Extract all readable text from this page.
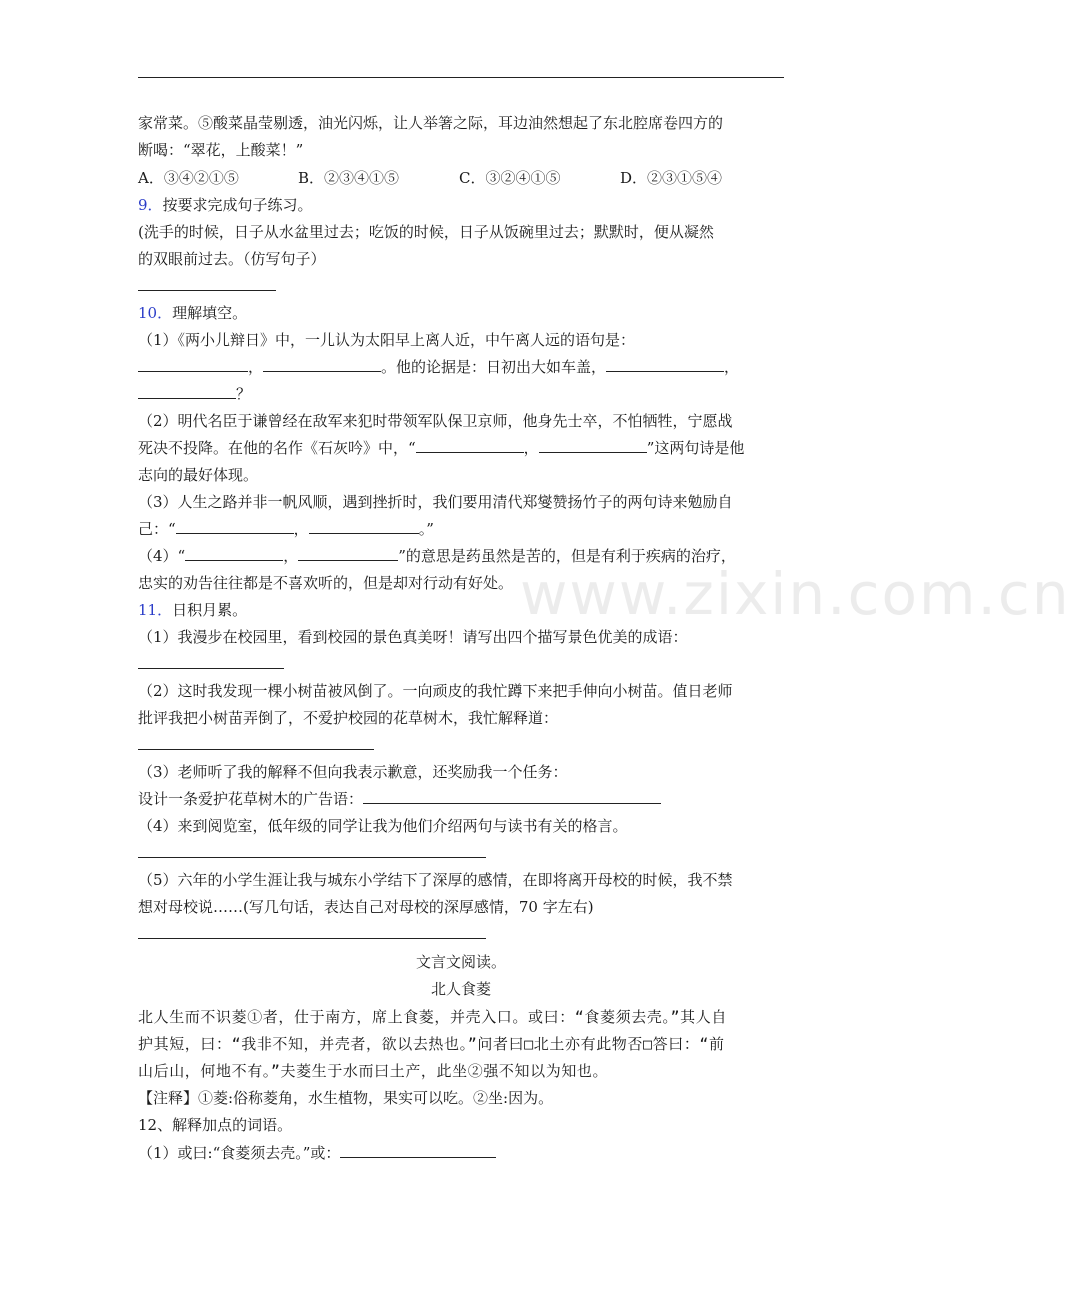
家常菜。⑤酸菜晶莹剔透，油光闪烁，让人举箸之际，耳边油然想起了东北腔席卷四方的
断喝：“翠花，上酸菜！”
A．③④②①⑤	B．②③④①⑤	C．③②④①⑤	D．②③①⑤④
9．按要求完成句子练习。
(洗手的时候，日子从水盆里过去；吃饭的时候，日子从饭碗里过去；默默时，便从凝然
的双眼前过去。（仿写句子）
10．理解填空。
（1）《两小儿辩日》中，一儿认为太阳早上离人近，中午离人远的语句是：
，	。他的论据是：日初出大如车盖，	，
？
（2）明代名臣于谦曾经在敌军来犯时带领军队保卫京师，他身先士卒，不怕牺牲，宁愿战
死决不投降。在他的名作《石灰吟》中，“	，	”这两句诗是他
志向的最好体现。
（3）人生之路并非一帆风顺，遇到挫折时，我们要用清代郑燮赞扬竹子的两句诗来勉励自
己：“	，	。”
（4）“	，	”的意思是药虽然是苦的，但是有利于疾病的治疗，
忠实的劝告往往都是不喜欢听的，但是却对行动有好处。
11．日积月累。
（1）我漫步在校园里，看到校园的景色真美呀！请写出四个描写景色优美的成语：
（2）这时我发现一棵小树苗被风倒了。一向顽皮的我忙蹲下来把手伸向小树苗。值日老师
批评我把小树苗弄倒了，不爱护校园的花草树木，我忙解释道：
（3）老师听了我的解释不但向我表示歉意，还奖励我一个任务：
设计一条爱护花草树木的广告语：
（4）来到阅览室，低年级的同学让我为他们介绍两句与读书有关的格言。
（5）六年的小学生涯让我与城东小学结下了深厚的感情，在即将离开母校的时候，我不禁
想对母校说……(写几句话，表达自己对母校的深厚感情，70 字左右)
文言文阅读。
北人食菱
北人生而不识菱①者，仕于南方，席上食菱，并壳入口。或曰：“食菱须去壳。”其人自
护其短，曰：“我非不知，并壳者，欲以去热也。”问者曰□北土亦有此物否□答曰：“前
山后山，何地不有。”夫菱生于水而曰土产，此坐②强不知以为知也。
【注释】①菱:俗称菱角，水生植物，果实可以吃。②坐:因为。
12、解释加点的词语。
（1）或曰:“食菱须去壳。”或：
www.zixin.com.cn
